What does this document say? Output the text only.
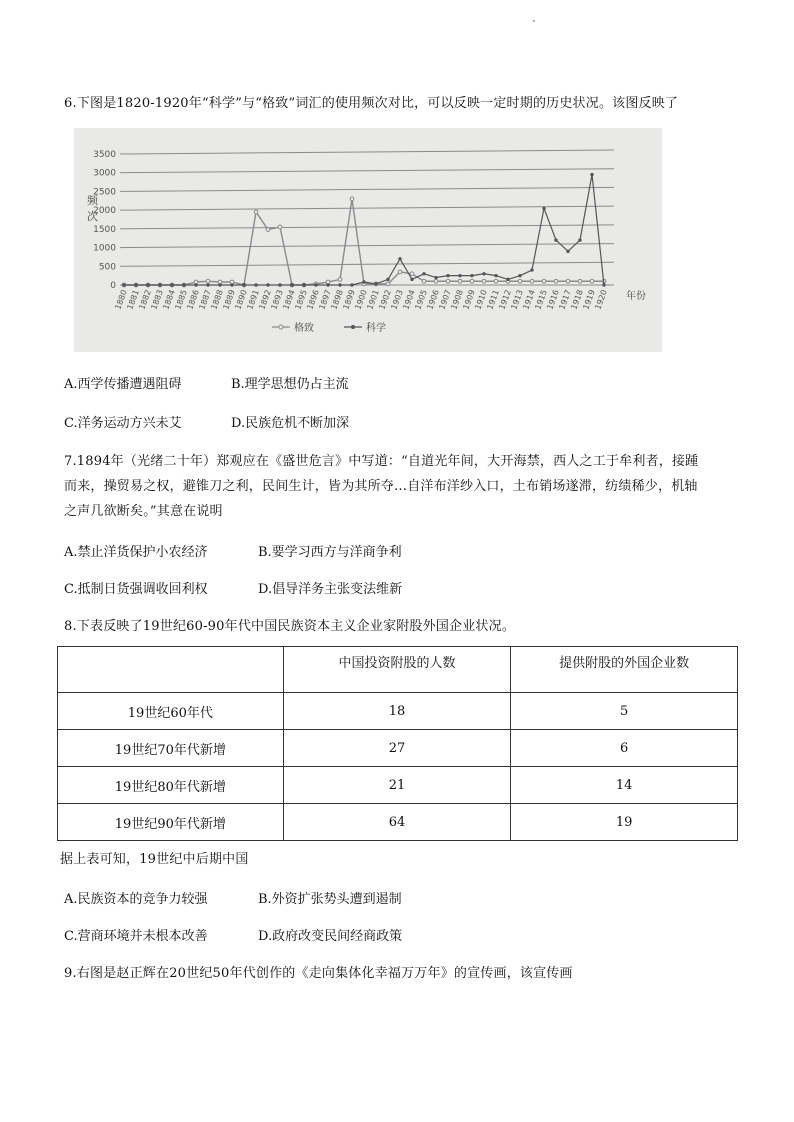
6.下图是1820-1920年“科学”与“格致”词汇的使用频次对比，可以反映一定时期的历史状况。该图反映了
0
500
1000
1500
2000
2500
3000
3500
频
次
1880
1881
1882
1883
1884
1885
1886
1887
1888
1889
1890
1891
1892
1893
1894
1895
1896
1897
1898
1899
1900
1901
1902
1903
1904
1905
1906
1907
1908
1909
1910
1911
1912
1913
1914
1915
1916
1917
1918
1919
1920 年份
格致	科学
A.西学传播遭遇阻碍	B.理学思想仍占主流
C.洋务运动方兴未艾	D.民族危机不断加深
7.1894年（光绪二十年）郑观应在《盛世危言》中写道：“自道光年间，大开海禁，西人之工于牟利者，接踵
而来，操贸易之权，避锥刀之利，民间生计，皆为其所夺…自洋布洋纱入口，土布销场遂滞，纺绩稀少，机轴
之声几欲断矣。”其意在说明
A.禁止洋货保护小农经济	B.要学习西方与洋商争利
C.抵制日货强调收回利权	D.倡导洋务主张变法维新
8.下表反映了19世纪60-90年代中国民族资本主义企业家附股外国企业状况。
	中国投资附股的人数	提供附股的外国企业数
19世纪60年代	18	5
19世纪70年代新增	27	6
19世纪80年代新增	21	14
19世纪90年代新增	64	19
据上表可知，19世纪中后期中国
A.民族资本的竞争力较强	B.外资扩张势头遭到遏制
C.营商环境并未根本改善	D.政府改变民间经商政策
9.右图是赵正辉在20世纪50年代创作的《走向集体化幸福万万年》的宣传画，该宣传画
